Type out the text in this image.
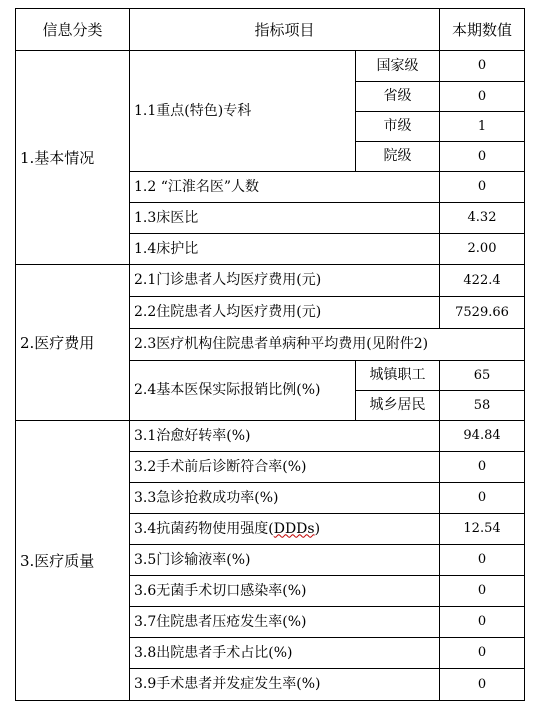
信息分类	指标项目		本期数值
1.基本情况	1.1重点(特色)专科	国家级	0
		省级	0
		市级	1
		院级	0
	1.2 “江淮名医”人数		0
	1.3床医比		4.32
	1.4床护比		2.00
2.医疗费用	2.1门诊患者人均医疗费用(元)		422.4
	2.2住院患者人均医疗费用(元)		7529.66
	2.3医疗机构住院患者单病种平均费用(见附件2)		
	2.4基本医保实际报销比例(%)	城镇职工	65
		城乡居民	58
3.医疗质量	3.1治愈好转率(%)		94.84
	3.2手术前后诊断符合率(%)		0
	3.3急诊抢救成功率(%)		0
	3.4抗菌药物使用强度(DDDs)		12.54
	3.5门诊输液率(%)		0
	3.6无菌手术切口感染率(%)		0
	3.7住院患者压疮发生率(%)		0
	3.8出院患者手术占比(%)		0
	3.9手术患者并发症发生率(%)		0
